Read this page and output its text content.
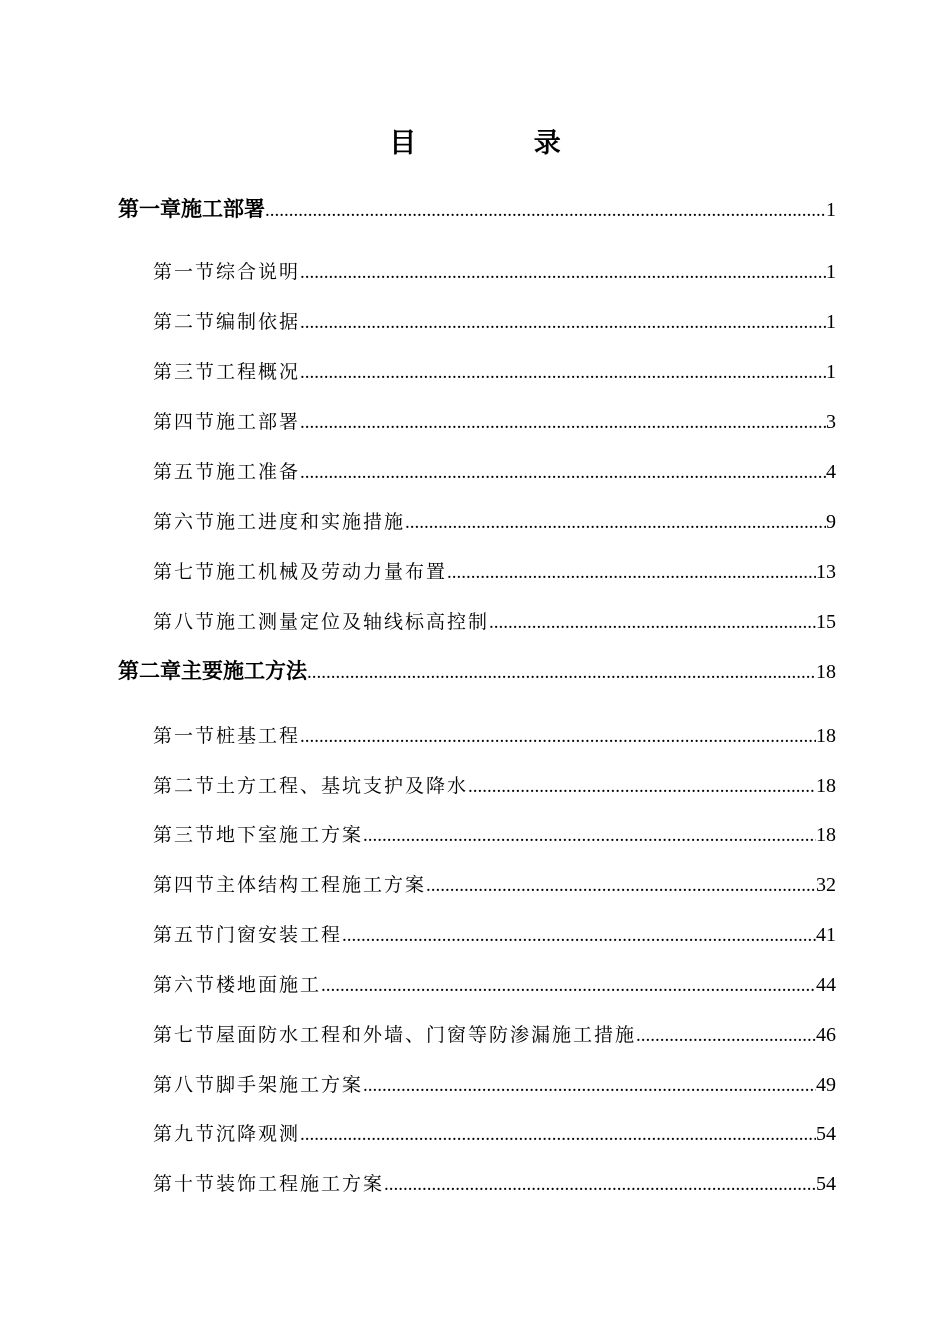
目 录
第一章 施工部署 .....	1
第一节 综合说明 .....	1
第二节 编制依据 .....	1
第三节 工程概况 .....	1
第四节 施工部署 .....	3
第五节 施工准备 .....	4
第六节 施工进度和实施措施 .....	9
第七节 施工机械及劳动力量布置 .....	13
第八节 施工测量定位及轴线标高控制 .....	15
第二章 主要施工方法 .....	18
第一节 桩基工程 .....	18
第二节 土方工程、基坑支护及降水 .....	18
第三节 地下室施工方案 .....	18
第四节 主体结构工程施工方案 .....	32
第五节 门窗安装工程 .....	41
第六节 楼地面施工 .....	44
第七节 屋面防水工程和外墙、门窗等防渗漏施工措施 .....	46
第八节 脚手架施工方案 .....	49
第九节 沉降观测 .....	54
第十节 装饰工程施工方案 .....	54
